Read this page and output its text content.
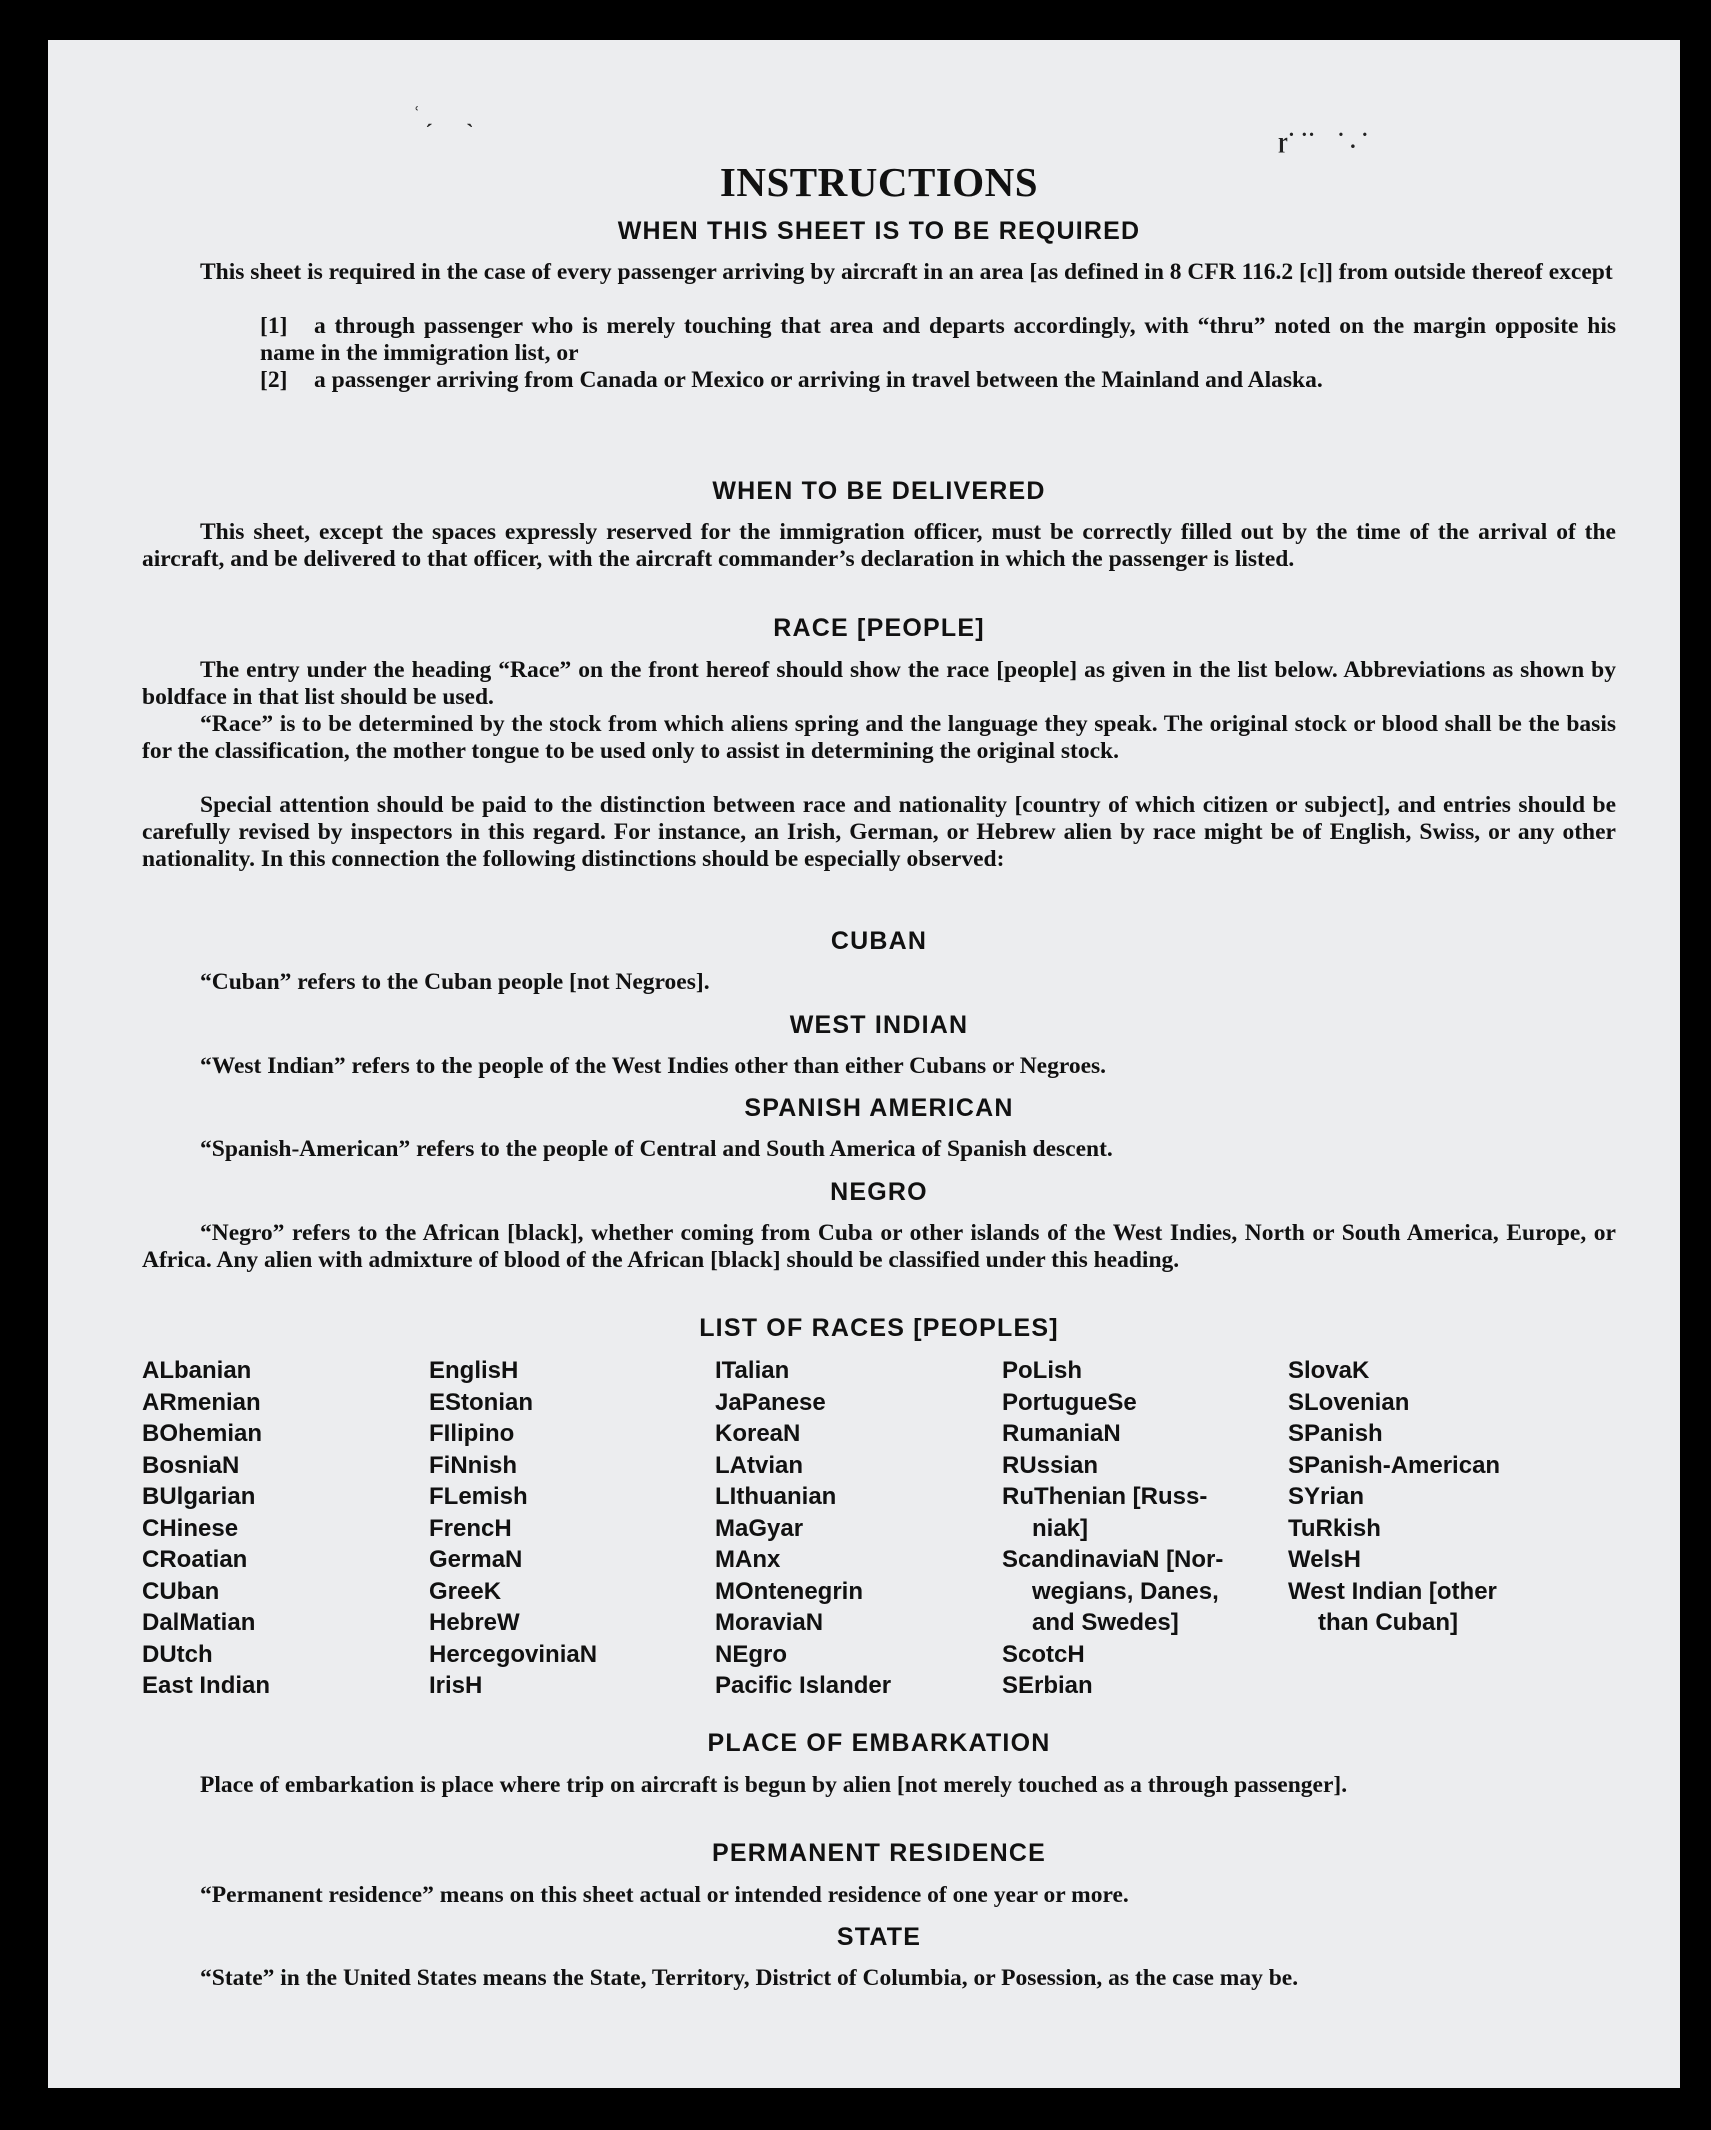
ʿ ˏ      ˎ
ɼ˙ ˙˙    ˙ . ˙
INSTRUCTIONS
WHEN THIS SHEET IS TO BE REQUIRED

This sheet is required in the case of every passenger arriving by aircraft in an area [as defined in 8 CFR 116.2 [c]] from outside thereof except

[1]	a through passenger who is merely touching that area and departs accordingly, with “thru” noted on the margin opposite his name in the immigration list, or

[2]	a passenger arriving from Canada or Mexico or arriving in travel between the Mainland and Alaska.

WHEN TO BE DELIVERED

This sheet, except the spaces expressly reserved for the immigration officer, must be correctly filled out by the time of the arrival of the aircraft, and be delivered to that officer, with the aircraft commander’s declaration in which the passenger is listed.

RACE [PEOPLE]

The entry under the heading “Race” on the front hereof should show the race [people] as given in the list below. Abbreviations as shown by boldface in that list should be used.

“Race” is to be determined by the stock from which aliens spring and the language they speak. The original stock or blood shall be the basis for the classification, the mother tongue to be used only to assist in determining the original stock.

Special attention should be paid to the distinction between race and nationality [country of which citizen or subject], and entries should be carefully revised by inspectors in this regard. For instance, an Irish, German, or Hebrew alien by race might be of English, Swiss, or any other nationality. In this connection the following distinctions should be especially observed:

CUBAN

“Cuban” refers to the Cuban people [not Negroes].

WEST INDIAN

“West Indian” refers to the people of the West Indies other than either Cubans or Negroes.

SPANISH AMERICAN

“Spanish-American” refers to the people of Central and South America of Spanish descent.

NEGRO

“Negro” refers to the African [black], whether coming from Cuba or other islands of the West Indies, North or South America, Europe, or Africa. Any alien with admixture of blood of the African [black] should be classified under this heading.

LIST OF RACES [PEOPLES]
ALbanian
ARmenian
BOhemian
BosniaN
BUlgarian
CHinese
CRoatian
CUban
DalMatian
DUtch
East Indian
EnglisH
EStonian
FIlipino
FiNnish
FLemish
FrencH
GermaN
GreeK
HebreW
HercegoviniaN
IrisH
ITalian
JaPanese
KoreaN
LAtvian
LIthuanian
MaGyar
MAnx
MOntenegrin
MoraviaN
NEgro
Pacific Islander
PoLish
PortugueSe
RumaniaN
RUssian
RuThenian [Russ-
niak]
ScandinaviaN [Nor-
wegians, Danes,
and Swedes]
ScotcH
SErbian
SlovaK
SLovenian
SPanish
SPanish-American
SYrian
TuRkish
WelsH
West Indian [other
than Cuban]
PLACE OF EMBARKATION

Place of embarkation is place where trip on aircraft is begun by alien [not merely touched as a through passenger].

PERMANENT RESIDENCE

“Permanent residence” means on this sheet actual or intended residence of one year or more.

STATE

“State” in the United States means the State, Territory, District of Columbia, or Posession, as the case may be.
